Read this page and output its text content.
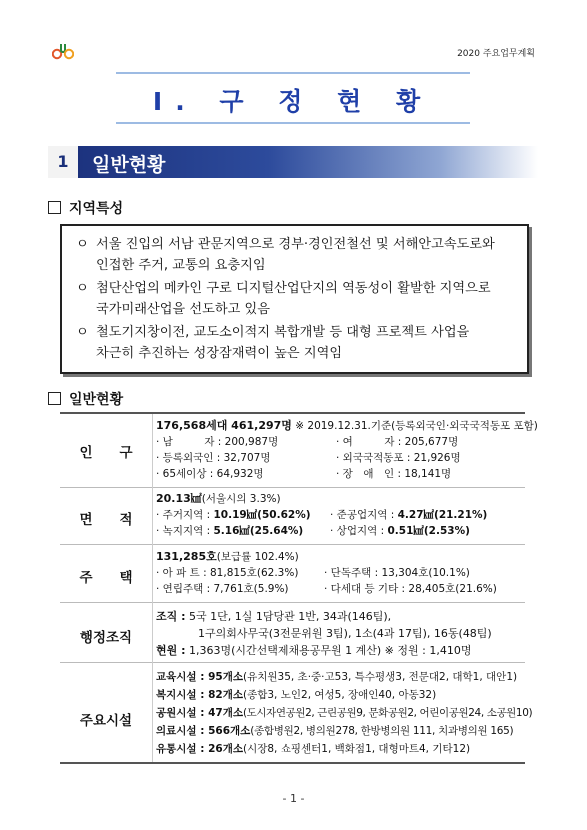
2020 주요업무계획
Ⅰ. 구 정 현 황
1	일반현황
지역특성
ㅇ 서울 진입의 서남 관문지역으로 경부·경인전철선 및 서해안고속도로와
인접한 주거, 교통의 요충지임
ㅇ 첨단산업의 메카인 구로 디지털산업단지의 역동성이 활발한 지역으로
국가미래산업을 선도하고 있음
ㅇ 철도기지창이전, 교도소이적지 복합개발 등 대형 프로젝트 사업을
차근히 추진하는 성장잠재력이 높은 지역임
일반현황
인　　구
176,568세대 461,297명 ※ 2019.12.31.기준(등록외국인·외국국적동포 포함)
· 남　　　자 : 200,987명	· 여　　　자 : 205,677명
· 등록외국인 : 32,707명	· 외국국적동포 : 21,926명
· 65세이상 : 64,932명	· 장　애　인 : 18,141명
면　　적
20.13㎢(서울시의 3.3%)
· 주거지역 : 10.19㎢(50.62%) · 준공업지역 : 4.27㎢(21.21%)
· 녹지지역 : 5.16㎢(25.64%)	· 상업지역 : 0.51㎢(2.53%)
주　　택
131,285호(보급률 102.4%)
· 아 파 트 : 81,815호(62.3%) · 단독주택 : 13,304호(10.1%)
· 연립주택 : 7,761호(5.9%)	· 다세대 등 기타 : 28,405호(21.6%)
행정조직
조직 : 5국 1단, 1실 1담당관 1반, 34과(146팀),
1구의회사무국(3전문위원 3팀), 1소(4과 17팀), 16동(48팀)
현원 : 1,363명(시간선택제채용공무원 1 계산) ※ 정원 : 1,410명
주요시설
교육시설 : 95개소(유치원35, 초·중·고53, 특수평생3, 전문대2, 대학1, 대안1)
복지시설 : 82개소(종합3, 노인2, 여성5, 장애인40, 아동32)
공원시설 : 47개소(도시자연공원2, 근린공원9, 문화공원2, 어린이공원24, 소공원10)
의료시설 : 566개소(종합병원2, 병의원278, 한방병의원 111, 치과병의원 165)
유통시설 : 26개소(시장8, 쇼핑센터1, 백화점1, 대형마트4, 기타12)
- 1 -
